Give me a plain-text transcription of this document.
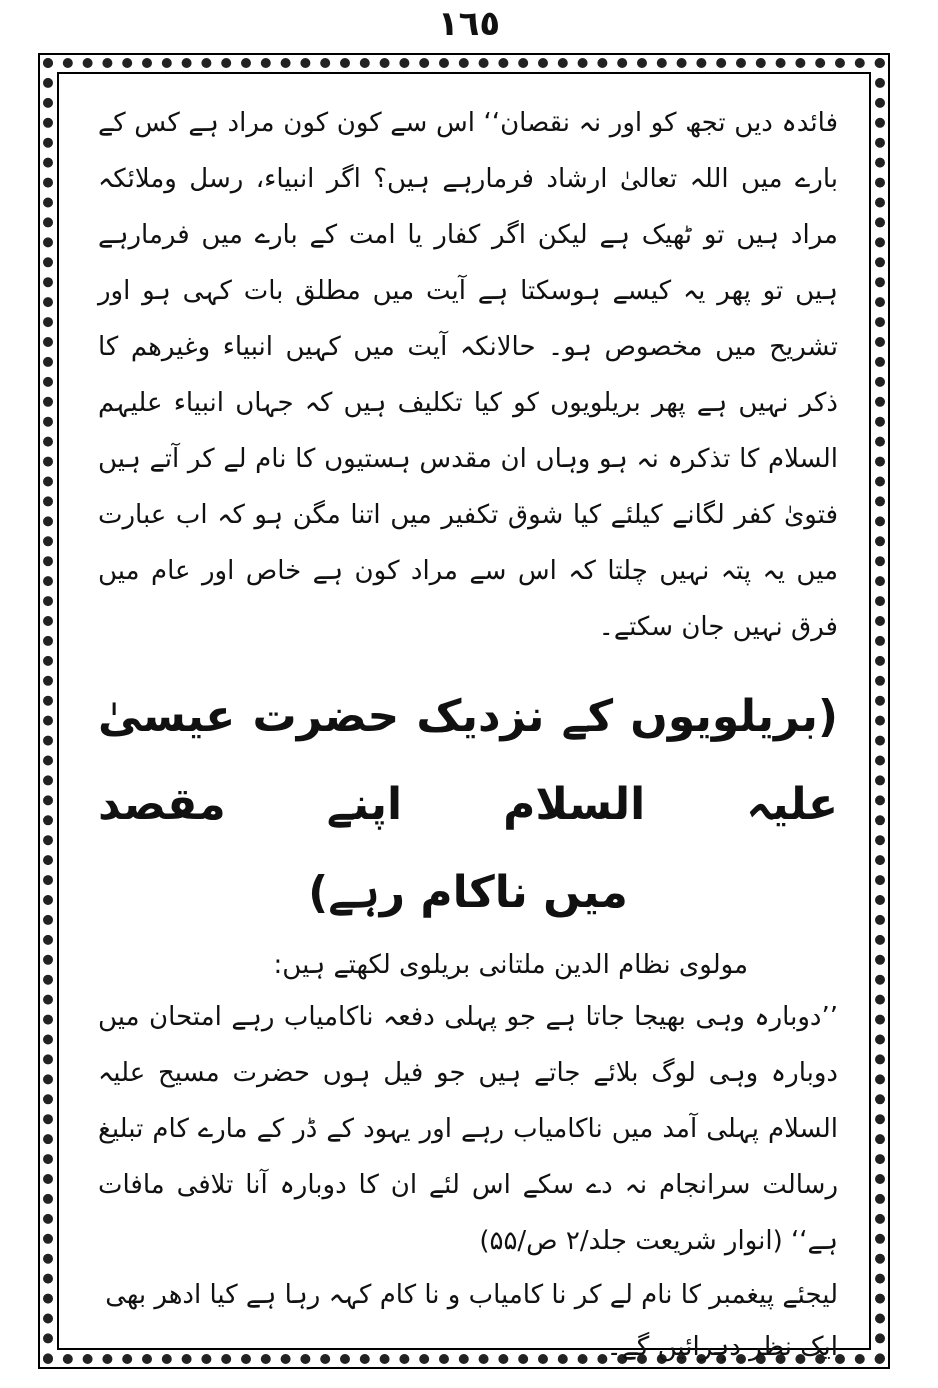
١٦٥

فائدہ دیں تجھ کو اور نہ نقصان‘‘ اس سے کون کون مراد ہے کس کے بارے میں اللہ تعالیٰ ارشاد فرمارہے ہیں؟ اگر انبیاء، رسل وملائکہ مراد ہیں تو ٹھیک ہے لیکن اگر کفار یا امت کے بارے میں فرمارہے ہیں تو پھر یہ کیسے ہوسکتا ہے آیت میں مطلق بات کہی ہو اور تشریح میں مخصوص ہو۔ حالانکہ آیت میں کہیں انبیاء وغیرھم کا ذکر نہیں ہے پھر بریلویوں کو کیا تکلیف ہیں کہ جہاں انبیاء علیہم السلام کا تذکرہ نہ ہو وہاں ان مقدس ہستیوں کا نام لے کر آتے ہیں فتویٰ کفر لگانے کیلئے کیا شوق تکفیر میں اتنا مگن ہو کہ اب عبارت میں یہ پتہ نہیں چلتا کہ اس سے مراد کون ہے خاص اور عام میں فرق نہیں جان سکتے۔

(بریلویوں کے نزدیک حضرت عیسیٰ علیہ السلام اپنے مقصد
میں ناکام رہے)

مولوی نظام الدین ملتانی بریلوی لکھتے ہیں:

’’دوبارہ وہی بھیجا جاتا ہے جو پہلی دفعہ ناکامیاب رہے امتحان میں دوبارہ وہی لوگ بلائے جاتے ہیں جو فیل ہوں حضرت مسیح علیہ السلام پہلی آمد میں ناکامیاب رہے اور یہود کے ڈر کے مارے کام تبلیغ رسالت سرانجام نہ دے سکے اس لئے ان کا دوبارہ آنا تلافی مافات ہے‘‘ (انوار شریعت جلد/۲ ص/۵۵)

لیجئے پیغمبر کا نام لے کر نا کامیاب و نا کام کہہ رہا ہے کیا ادھر بھی ایک نظر دہرائیں گے۔
